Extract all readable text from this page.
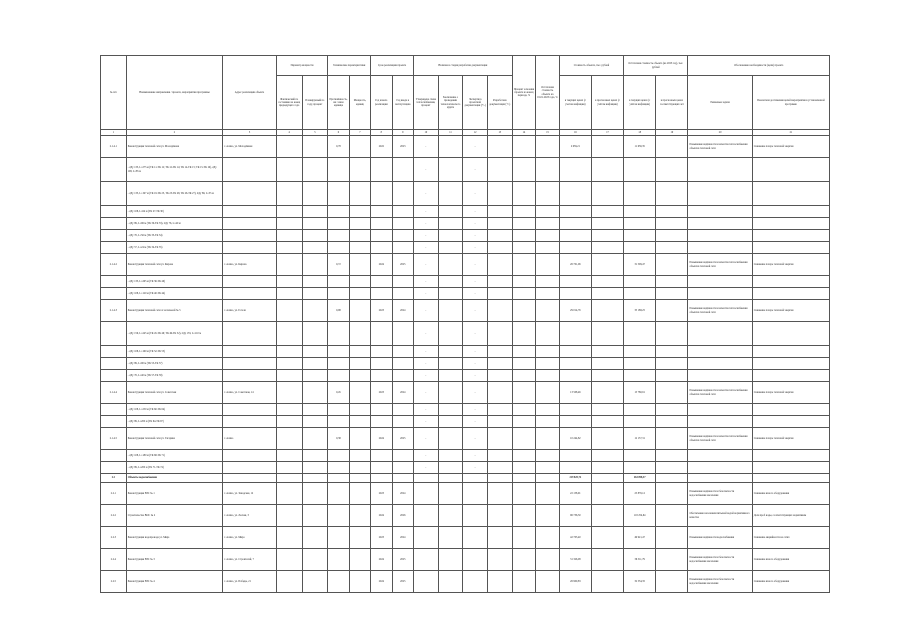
№ п/п	Наименование направления / проекта, мероприятия программы	Адрес реализации объекта	Параметр мощности		Технические характеристики		Срок реализации проекта		Наличие и стадия разработки документации				Процент освоения проекта на конец периода, %	Остаточная стоимость объекта на 01.01.2023 года, %	Стоимость объекта, тыс. рублей		Остаточная стоимость объекта (на 2023 год), тыс. рублей		Обоснование необходимости (цели) проекта	
			Фактический по состоянию на конец предыдущего года	Планируемый по году, процент	Протяжённость, км / иная единица	Мощность, единиц	Год начала реализации	Год ввода в эксплуатацию	Утверждена схема теплоснабжения, процент	Заключение о проведении технологического аудита	Экспертиза проектной документации (+/-)	Разработана документация (+/-)			в текущих ценах (с учетом инфляции)	в прогнозных ценах (с учётом инфляции)	в текущих ценах (с учётом инфляции)	в прогнозных ценах соответствующих лет	Решаемые задачи	Показатели достижения целей мероприятия в установленной программе
1	2	3	4	5	6	7	8	9	10	11	12	13	14	15	16	17	18	19	20	21
2.1.4.1	Реконструкция тепловой сети ул. Молодёжная	г. Асино, ул. Молодёжная			0,78		2022	2023	-		-				2 639,21		11 659,35		Повышение надёжности и качества теплоснабжения объектов тепловой сети	Снижение потерь тепловой энергии
	- 2Ду 133, L=275 м (ТК 11-ТК 12; ТК 12-ТК 14; ТК 14-ТК 15; ТК 15-ТК 16), 2Ду 108, L=85 м								-		-									
	- 2Ду 133, L=197 м (ТК 19-ТК 23, ТК 23-ТК 26; ТК 26-ТК 27), 2Ду 89, L=55 м								-		-									
	- 2Ду 108, L=64 м (ТК 27-ТК 30)								-		-									
	- 2Ду 89, L=96 м (ТК 30-ТК 33), 2Ду 76, L=40 м								-		-									
	- 2Ду 76, L=56 м (ТК 33-ТК 34)								-		-									
	- 2Ду 57, L=24 м (ТК 34-ТК 35)								-		-									
2.1.4.2	Реконструкция тепловой сети ул. Кирова	г. Асино, ул. Кирова			0,72		2024	2025	-		-				26 701,06		31 509,47		Повышение надёжности и качества теплоснабжения объектов тепловой сети	Снижение потерь тепловой энергии
	- 2Ду 133, L=265 м (ТК 36-ТК 40)								-		-									
	- 2Ду 108, L=120 м (ТК 40-ТК 44)								-		-									
2.1.4.3	Реконструкция тепловой сети от котельной № 5	г. Асино, ул. Гоголя			0,98		2023	2024	-		-				29 014,76		35 188,25		Повышение надёжности и качества теплоснабжения объектов тепловой сети	Снижение потерь тепловой энергии
	- 2Ду 159, L=245 м (ТК 45-ТК 49; ТК 49-ТК 52), 2Ду 133, L=110 м								-		-									
	- 2Ду 108, L=160 м (ТК 52-ТК 55)								-		-									
	- 2Ду 89, L=90 м (ТК 55-ТК 57)								-		-									
	- 2Ду 76, L=40 м (ТК 57-ТК 58)								-		-									
2.1.4.4	Реконструкция тепловой сети ул. Советская	г. Асино, ул. Советская, 14			0,45		2023	2024	-		-				13 508,46		15 780,91		Повышение надёжности и качества теплоснабжения объектов тепловой сети	Снижение потерь тепловой энергии
	- 2Ду 108, L=250 м (ТК 60-ТК 64)								-		-									
	- 2Ду 89, L=200 м (ТК 64-ТК 67)								-		-									
2.1.4.5	Реконструкция тепловой сети ул. Гагарина	г. Асино			0,38		2024	2025	-		-				10 244,82		12 157,31		Повышение надёжности и качества теплоснабжения объектов тепловой сети	Снижение потерь тепловой энергии
	- 2Ду 108, L=180 м (ТК 68-ТК 71)								-		-									
	- 2Ду 89, L=200 м (ТК 71-ТК 74)								-		-									
2.2	Объекты водоснабжения														219 825,72		263 098,37			
2.2.1	Реконструкция ВЗС № 1	г. Асино, ул. Заводская, 12					2023	2024							22 158,91		25 876,12		Повышение надёжности и безопасности водоснабжения населения	Снижение износа оборудования
2.2.2	Строительство ВОС № 2	г. Асино, ул. Лесная, 3					2024	2026							96 736,50		118 254,64		Обеспечение населения питьевой водой нормативного качества	Доля проб воды, соответствующих нормативам
2.2.3	Реконструкция водопровода ул. Мира	г. Асино, ул. Мира					2023	2024							42 703,40		49 921,47		Повышение надёжности водоснабжения	Снижение аварийности на сетях
2.2.4	Реконструкция ВЗС № 3	г. Асино, ул. Строителей, 7					2024	2025							31 326,08		36 511,79		Повышение надёжности и безопасности водоснабжения населения	Снижение износа оборудования
2.2.5	Реконструкция ВЗС № 4	г. Асино, ул. Победы, 21					2024	2025							26 900,83		32 534,35		Повышение надёжности и безопасности водоснабжения населения	Снижение износа оборудования
